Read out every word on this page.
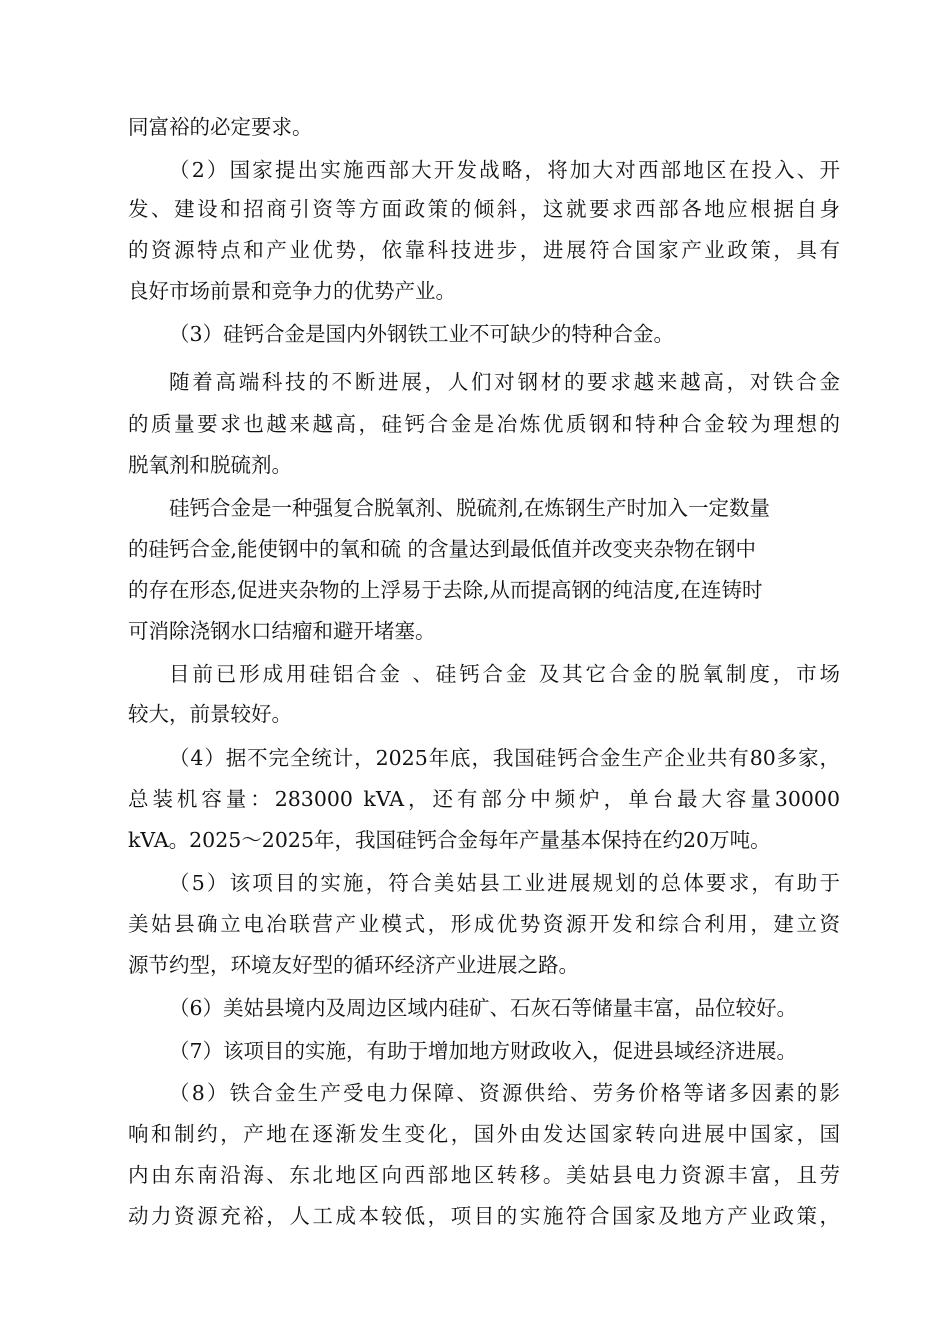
同富裕的必定要求。
（2）国家提出实施西部大开发战略，将加大对西部地区在投入、开
发、建设和招商引资等方面政策的倾斜，这就要求西部各地应根据自身
的资源特点和产业优势，依靠科技进步，进展符合国家产业政策，具有
良好市场前景和竞争力的优势产业。
（3）硅钙合金是国内外钢铁工业不可缺少的特种合金。
随着高端科技的不断进展，人们对钢材的要求越来越高，对铁合金
的质量要求也越来越高，硅钙合金是冶炼优质钢和特种合金较为理想的
脱氧剂和脱硫剂。
硅钙合金是一种强复合脱氧剂、脱硫剂,在炼钢生产时加入一定数量
的硅钙合金,能使钢中的氧和硫 的含量达到最低值并改变夹杂物在钢中
的存在形态,促进夹杂物的上浮易于去除,从而提高钢的纯洁度,在连铸时
可消除浇钢水口结瘤和避开堵塞。
目前已形成用硅铝合金 、硅钙合金 及其它合金的脱氧制度，市场
较大，前景较好。
（4）据不完全统计，2025年底，我国硅钙合金生产企业共有80多家，
总装机容量：283000 kVA，还有部分中频炉，单台最大容量30000
kVA。2025～2025年，我国硅钙合金每年产量基本保持在约20万吨。
（5）该项目的实施，符合美姑县工业进展规划的总体要求，有助于
美姑县确立电冶联营产业模式，形成优势资源开发和综合利用，建立资
源节约型，环境友好型的循环经济产业进展之路。
（6）美姑县境内及周边区域内硅矿、石灰石等储量丰富，品位较好。
（7）该项目的实施，有助于增加地方财政收入，促进县域经济进展。
（8）铁合金生产受电力保障、资源供给、劳务价格等诸多因素的影
响和制约，产地在逐渐发生变化，国外由发达国家转向进展中国家，国
内由东南沿海、东北地区向西部地区转移。美姑县电力资源丰富，且劳
动力资源充裕，人工成本较低，项目的实施符合国家及地方产业政策，
